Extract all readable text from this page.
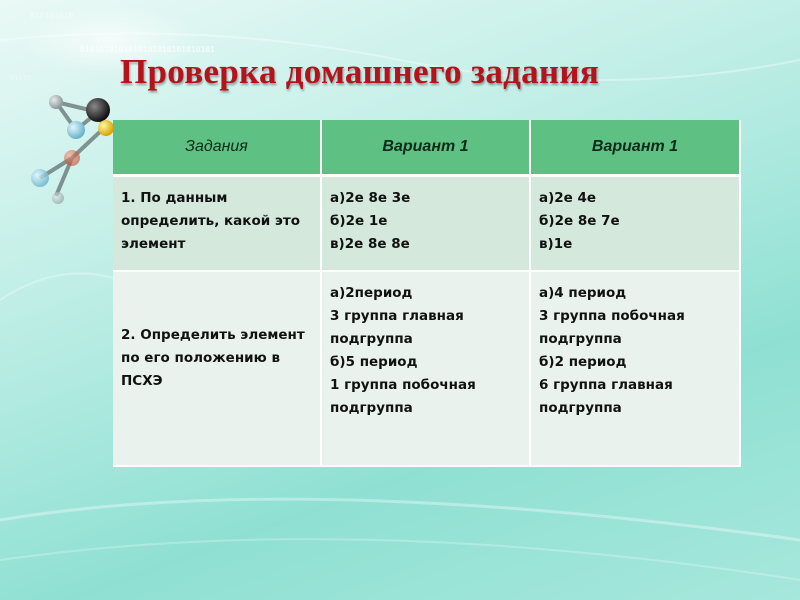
0101010101010101010101010101
010101010
01010	Проверка домашнего задания
Задания	Вариант 1	Вариант 1

1. По данным определить, какой это элемент	а)2е 8е 3е
б)2е 1е
в)2е 8е 8е	а)2е 4е
б)2е 8е 7е
в)1е

2. Определить элемент по его положению в ПСХЭ	а)2период
3 группа главная подгруппа
б)5 период
1 группа побочная подгруппа	а)4 период
3 группа побочная подгруппа
б)2 период
6 группа главная подгруппа
